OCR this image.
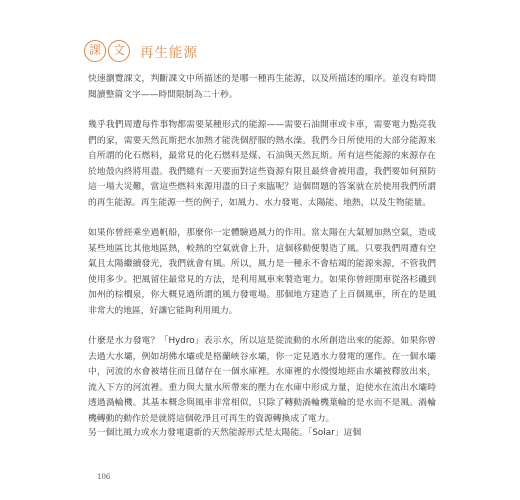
課 文	再生能源
快速瀏覽課文，判斷課文中所描述的是哪一種再生能源，以及所描述的順序。並沒有時間閱讀整篇文字——時間限制為二十秒。

幾乎我們周遭每件事物都需要某種形式的能源——需要石油開車或卡車，需要電力點亮我們的家，需要天然瓦斯把水加熱才能洗個舒服的熱水澡。我們今日所使用的大部分能源來自所謂的化石燃料，最常見的化石燃料是煤、石油與天然瓦斯。所有這些能源的來源存在於地殼內終將用盡。我們總有一天要面對這些資源有限且最終會被用盡，我們要如何預防這一場大災難，當這些燃料來源用盡的日子來臨呢？這個問題的答案就在於使用我們所謂的再生能源。再生能源一些的例子，如風力、水力發電、太陽能、地熱，以及生物能量。

如果你曾經乘坐過帆船，那麼你一定體驗過風力的作用。當太陽在大氣層加熱空氣，造成某些地區比其他地區熱，較熱的空氣就會上升，這個移動便製造了風。只要我們周遭有空氣且太陽繼續發光，我們就會有風。所以，風力是一種永不會枯竭的能源來源，不管我們使用多少。把風留住最常見的方法，是利用風車來製造電力。如果你曾經開車從洛杉磯到加州的棕櫚泉，你大概見過所謂的風力發電場。那個地方建造了上百個風車，所在的是風非常大的地區，好讓它能夠利用風力。

什麼是水力發電？「Hydro」表示水，所以這是從流動的水所創造出來的能源。如果你曾去過大水壩，例如胡佛水壩或是格蘭峽谷水壩，你一定見過水力發電的運作。在一個水壩中，河流的水會被堵住而且儲存在一個水庫裡。水庫裡的水慢慢地經由水壩被釋放出來，流入下方的河流裡。重力與大量水所帶來的壓力在水庫中形成力量，迫使水在流出水壩時透過渦輪機。其基本概念與風車非常相似，只除了轉動渦輪機葉輪的是水而不是風。渦輪機轉動的動作於是就將這個乾淨且可再生的資源轉換成了電力。

另一個比風力或水力發電還新的天然能源形式是太陽能。「Solar」這個

106
